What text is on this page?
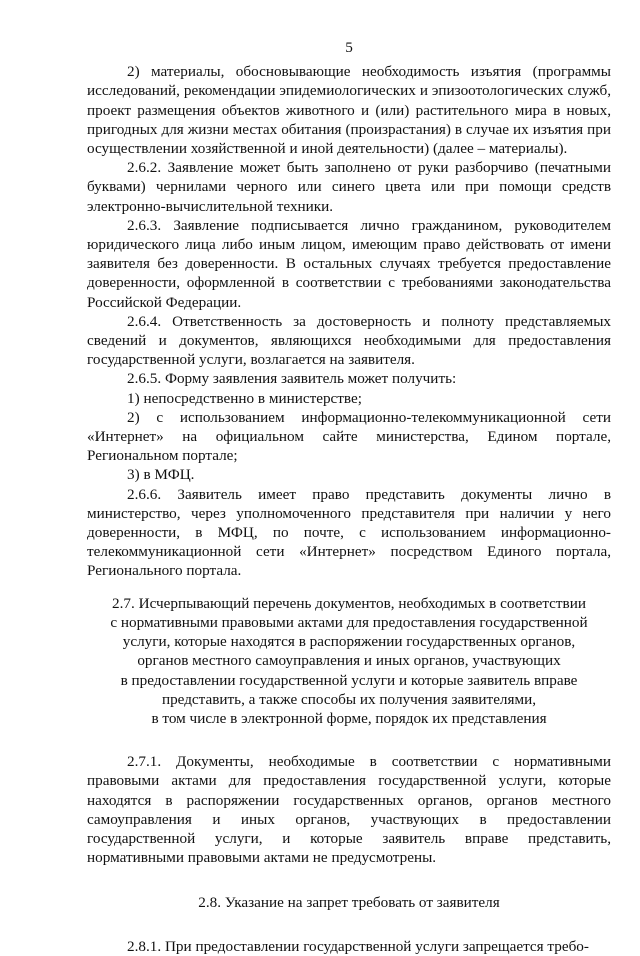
5

2) материалы, обосновывающие необходимость изъятия (программы исследований, рекомендации эпидемиологических и эпизоотологических служб, проект размещения объектов животного и (или) растительного мира в новых, пригодных для жизни местах обитания (произрастания) в случае их изъятия при осуществлении хозяйственной и иной деятельности) (далее – материалы).

2.6.2. Заявление может быть заполнено от руки разборчиво (печатными буквами) чернилами черного или синего цвета или при помощи средств электронно-вычислительной техники.

2.6.3. Заявление подписывается лично гражданином, руководителем юридического лица либо иным лицом, имеющим право действовать от имени заявителя без доверенности. В остальных случаях требуется предоставление доверенности, оформленной в соответствии с требованиями законодательства Российской Федерации.

2.6.4. Ответственность за достоверность и полноту представляемых сведений и документов, являющихся необходимыми для предоставления государственной услуги, возлагается на заявителя.

2.6.5. Форму заявления заявитель может получить:

1) непосредственно в министерстве;

2) с использованием информационно-телекоммуникационной сети «Интернет» на официальном сайте министерства, Едином портале, Региональном портале;

3) в МФЦ.

2.6.6. Заявитель имеет право представить документы лично в министерство, через уполномоченного представителя при наличии у него доверенности, в МФЦ, по почте, с использованием информационно-телекоммуникационной сети «Интернет» посредством Единого портала, Регионального портала.

2.7. Исчерпывающий перечень документов, необходимых в соответствии

с нормативными правовыми актами для предоставления государственной

услуги, которые находятся в распоряжении государственных органов,

органов местного самоуправления и иных органов, участвующих

в предоставлении государственной услуги и которые заявитель вправе

представить, а также способы их получения заявителями,

в том числе в электронной форме, порядок их представления

2.7.1. Документы, необходимые в соответствии с нормативными правовыми актами для предоставления государственной услуги, которые находятся в распоряжении государственных органов, органов местного самоуправления и иных органов, участвующих в предоставлении государственной услуги, и которые заявитель вправе представить, нормативными правовыми актами не предусмотрены.

2.8. Указание на запрет требовать от заявителя

2.8.1. При предоставлении государственной услуги запрещается требо-
